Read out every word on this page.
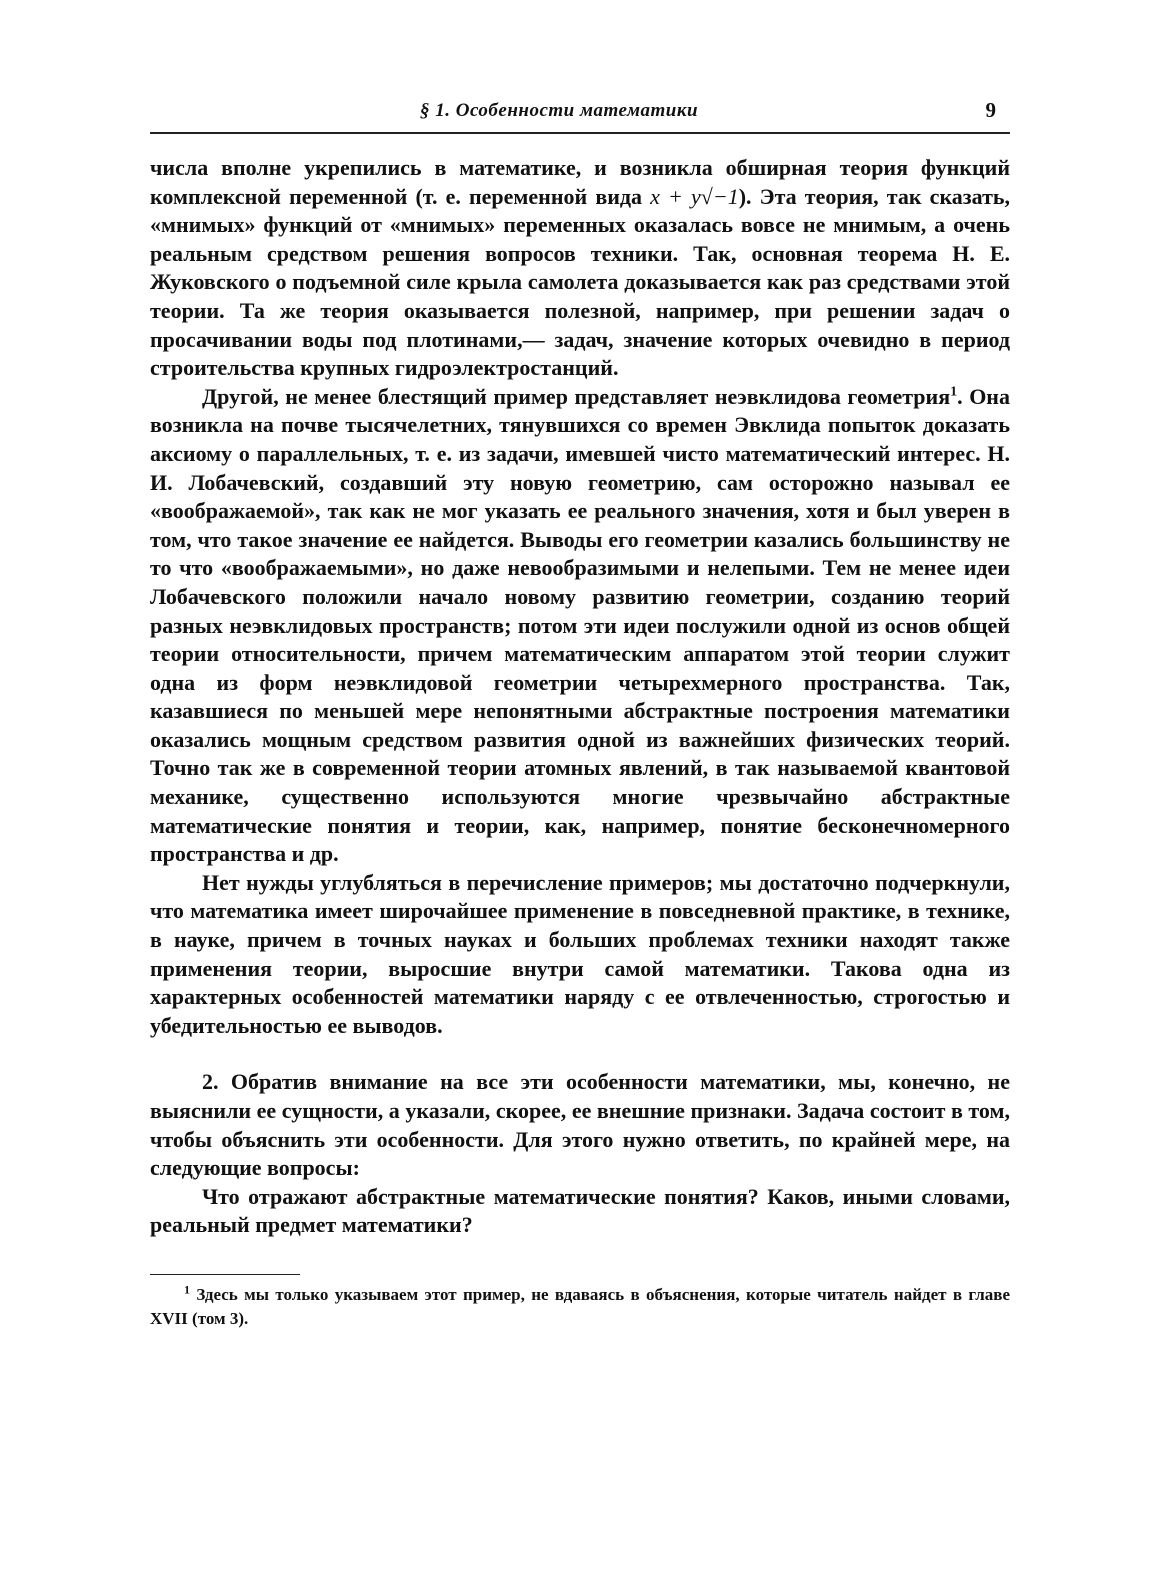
§ 1. Особенности математики	9

числа вполне укрепились в математике, и возникла обширная теория функций комплексной переменной (т. е. переменной вида x + y√−1). Эта теория, так сказать, «мнимых» функций от «мнимых» переменных оказалась вовсе не мнимым, а очень реальным средством решения вопросов техники. Так, основная теорема Н. Е. Жуковского о подъемной силе крыла самолета доказывается как раз средствами этой теории. Та же теория оказывается полезной, например, при решении задач о просачивании воды под плотинами,— задач, значение которых очевидно в период строительства крупных гидроэлектростанций.

Другой, не менее блестящий пример представляет неэвклидова геометрия$^1$. Она возникла на почве тысячелетних, тянувшихся со времен Эвклида попыток доказать аксиому о параллельных, т. е. из задачи, имевшей чисто математический интерес. Н. И. Лобачевский, создавший эту новую геометрию, сам осторожно называл ее «воображаемой», так как не мог указать ее реального значения, хотя и был уверен в том, что такое значение ее найдется. Выводы его геометрии казались большинству не то что «воображаемыми», но даже невообразимыми и нелепыми. Тем не менее идеи Лобачевского положили начало новому развитию геометрии, созданию теорий разных неэвклидовых пространств; потом эти идеи послужили одной из основ общей теории относительности, причем математическим аппаратом этой теории служит одна из форм неэвклидовой геометрии четырехмерного пространства. Так, казавшиеся по меньшей мере непонятными абстрактные построения математики оказались мощным средством развития одной из важнейших физических теорий. Точно так же в современной теории атомных явлений, в так называемой квантовой механике, существенно используются многие чрезвычайно абстрактные математические понятия и теории, как, например, понятие бесконечномерного пространства и др.

Нет нужды углубляться в перечисление примеров; мы достаточно подчеркнули, что математика имеет широчайшее применение в повседневной практике, в технике, в науке, причем в точных науках и больших проблемах техники находят также применения теории, выросшие внутри самой математики. Такова одна из характерных особенностей математики наряду с ее отвлеченностью, строгостью и убедительностью ее выводов.

2. Обратив внимание на все эти особенности математики, мы, конечно, не выяснили ее сущности, а указали, скорее, ее внешние признаки. Задача состоит в том, чтобы объяснить эти особенности. Для этого нужно ответить, по крайней мере, на следующие вопросы:

Что отражают абстрактные математические понятия? Каков, иными словами, реальный предмет математики?

$^1$ Здесь мы только указываем этот пример, не вдаваясь в объяснения, которые читатель найдет в главе XVII (том 3).
